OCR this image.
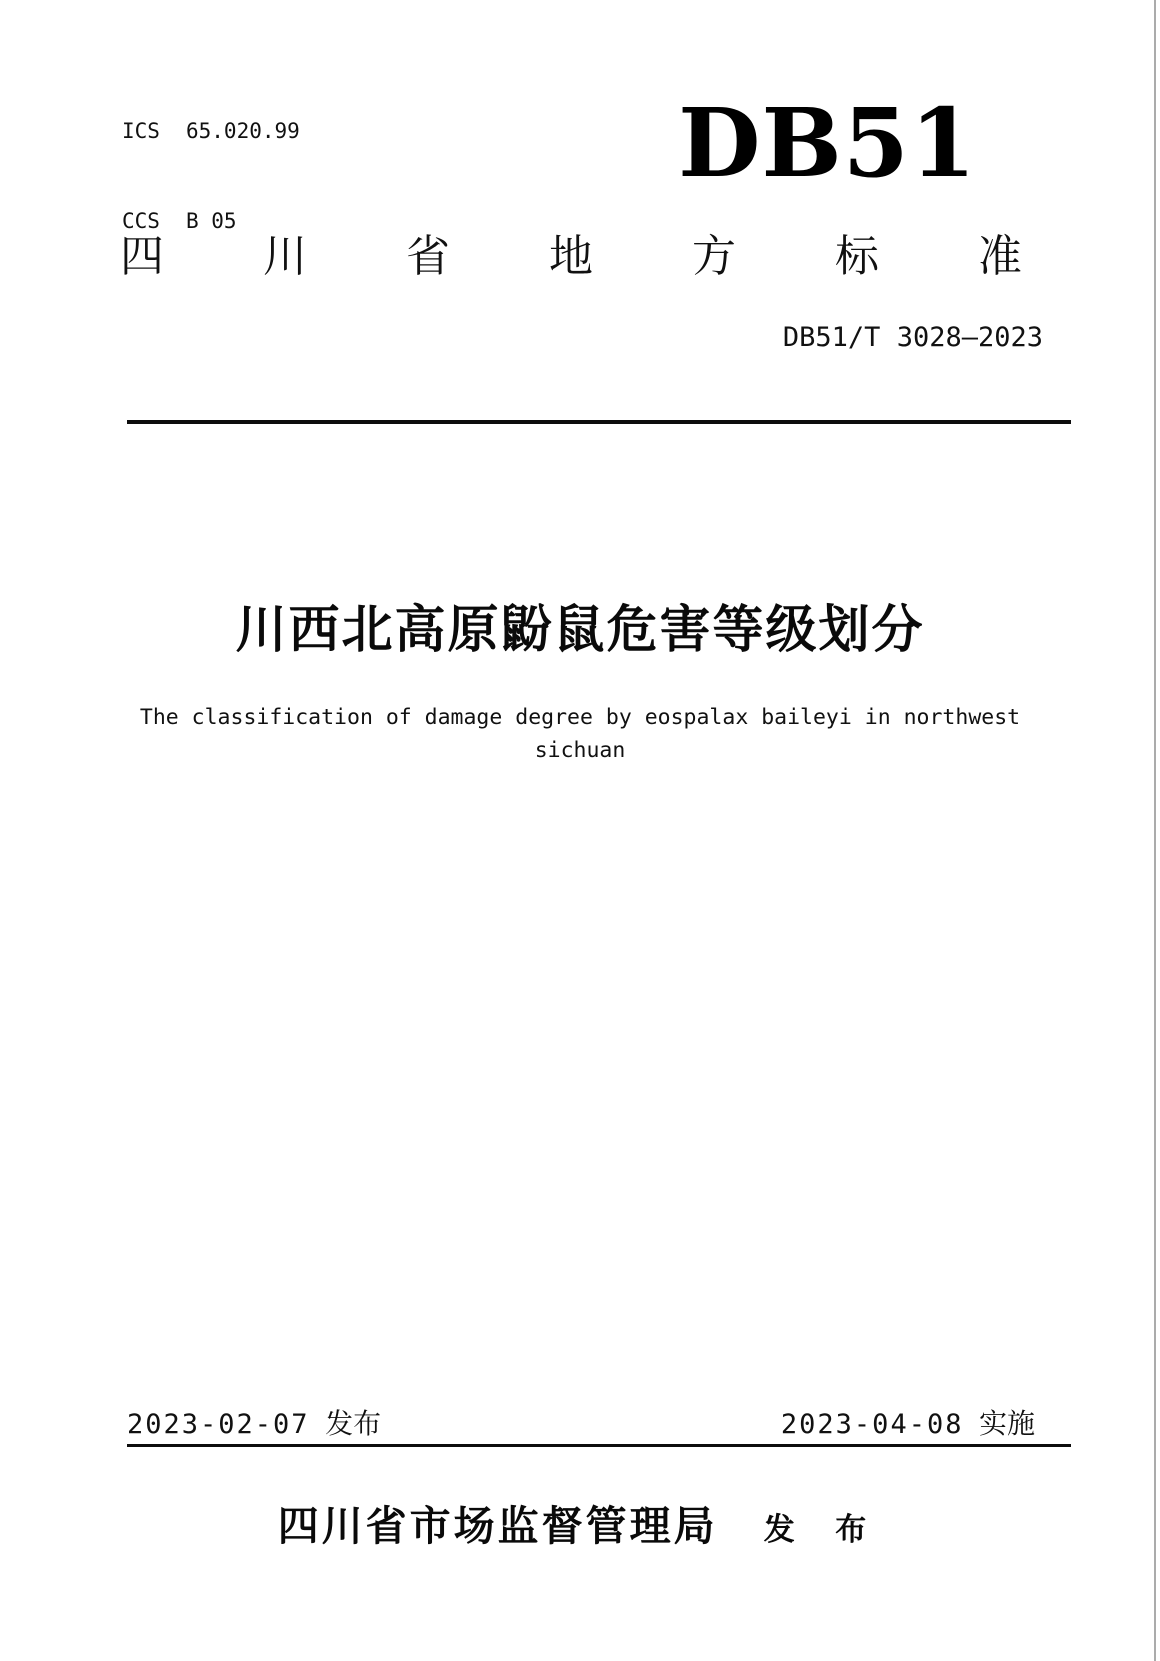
ICS	65.020.99

CCS	B 05

DB51
四川省地方标准
DB51/T 3028—2023
川西北高原鼢鼠危害等级划分
The classification of damage degree by eospalax baileyi in northwest
sichuan
2023-02-07 发布	2023-04-08 实施
四川省市场监督管理局 发 布
